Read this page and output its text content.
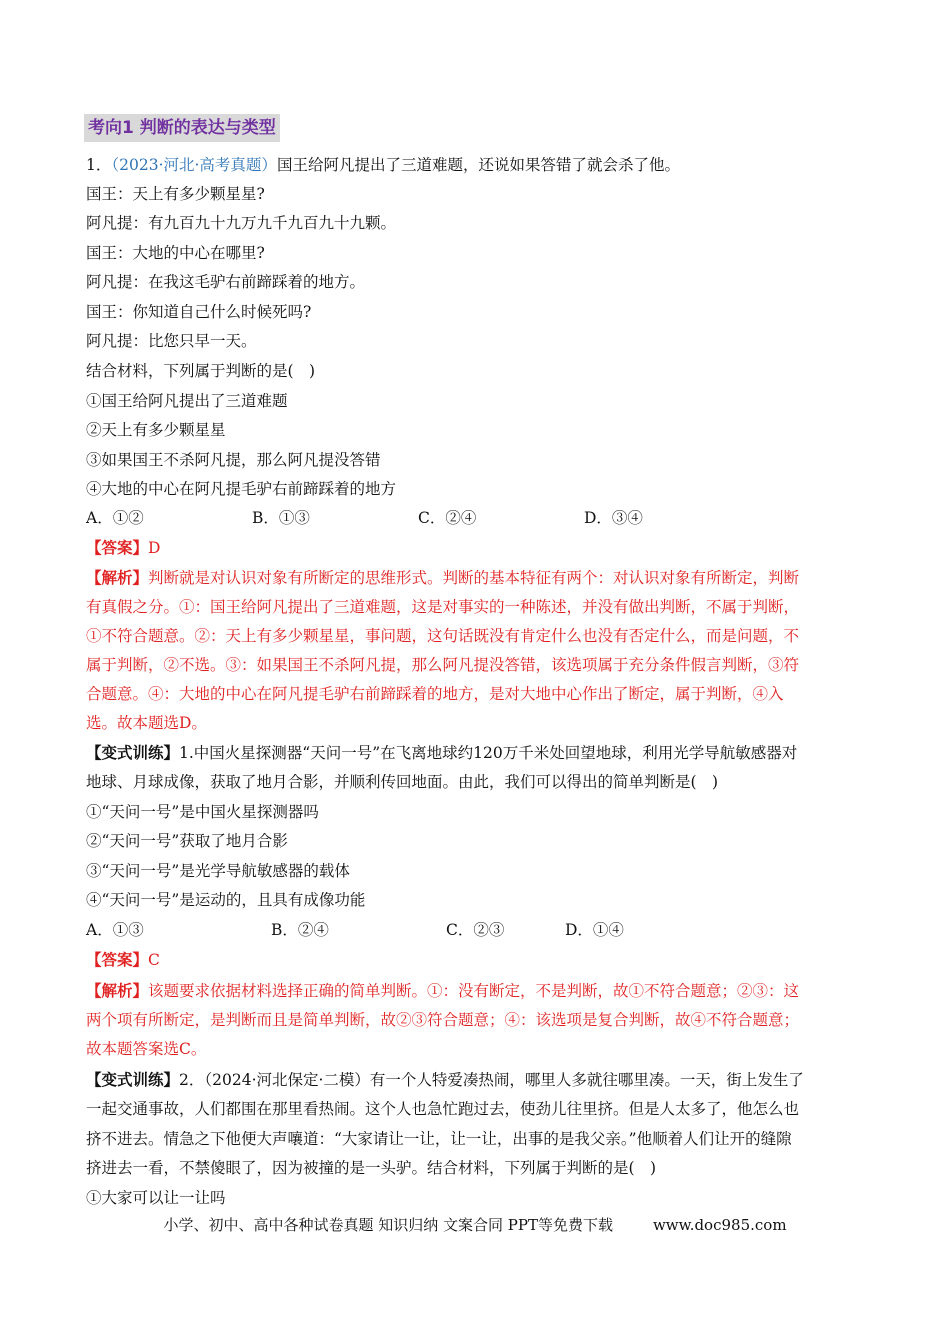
考向1 判断的表达与类型
1．（2023·河北·高考真题）国王给阿凡提出了三道难题，还说如果答错了就会杀了他。
国王：天上有多少颗星星?
阿凡提：有九百九十九万九千九百九十九颗。
国王：大地的中心在哪里?
阿凡提：在我这毛驴右前蹄踩着的地方。
国王：你知道自己什么时候死吗?
阿凡提：比您只早一天。
结合材料，下列属于判断的是(　)
①国王给阿凡提出了三道难题
②天上有多少颗星星
③如果国王不杀阿凡提，那么阿凡提没答错
④大地的中心在阿凡提毛驴右前蹄踩着的地方
A．①②	B．①③	C．②④	D．③④
【答案】D
【解析】判断就是对认识对象有所断定的思维形式。判断的基本特征有两个：对认识对象有所断定，判断
有真假之分。①：国王给阿凡提出了三道难题，这是对事实的一种陈述，并没有做出判断，不属于判断，
①不符合题意。②：天上有多少颗星星，事问题，这句话既没有肯定什么也没有否定什么，而是问题，不
属于判断，②不选。③：如果国王不杀阿凡提，那么阿凡提没答错，该选项属于充分条件假言判断，③符
合题意。④：大地的中心在阿凡提毛驴右前蹄踩着的地方，是对大地中心作出了断定，属于判断，④入
选。故本题选D。
【变式训练】1.中国火星探测器“天问一号”在飞离地球约120万千米处回望地球，利用光学导航敏感器对
地球、月球成像，获取了地月合影，并顺利传回地面。由此，我们可以得出的简单判断是(　)
①“天问一号”是中国火星探测器吗
②“天问一号”获取了地月合影
③“天问一号”是光学导航敏感器的载体
④“天问一号”是运动的，且具有成像功能
A．①③	B．②④	C．②③	D．①④
【答案】C
【解析】该题要求依据材料选择正确的简单判断。①：没有断定，不是判断，故①不符合题意；②③：这
两个项有所断定，是判断而且是简单判断，故②③符合题意；④：该选项是复合判断，故④不符合题意；
故本题答案选C。
【变式训练】2．（2024·河北保定·二模）有一个人特爱凑热闹，哪里人多就往哪里凑。一天，街上发生了
一起交通事故，人们都围在那里看热闹。这个人也急忙跑过去，使劲儿往里挤。但是人太多了，他怎么也
挤不进去。情急之下他便大声嚷道：“大家请让一让，让一让，出事的是我父亲。”他顺着人们让开的缝隙
挤进去一看，不禁傻眼了，因为被撞的是一头驴。结合材料，下列属于判断的是(　)
①大家可以让一让吗
小学、初中、高中各种试卷真题 知识归纳 文案合同 PPT等免费下载	www.doc985.com
